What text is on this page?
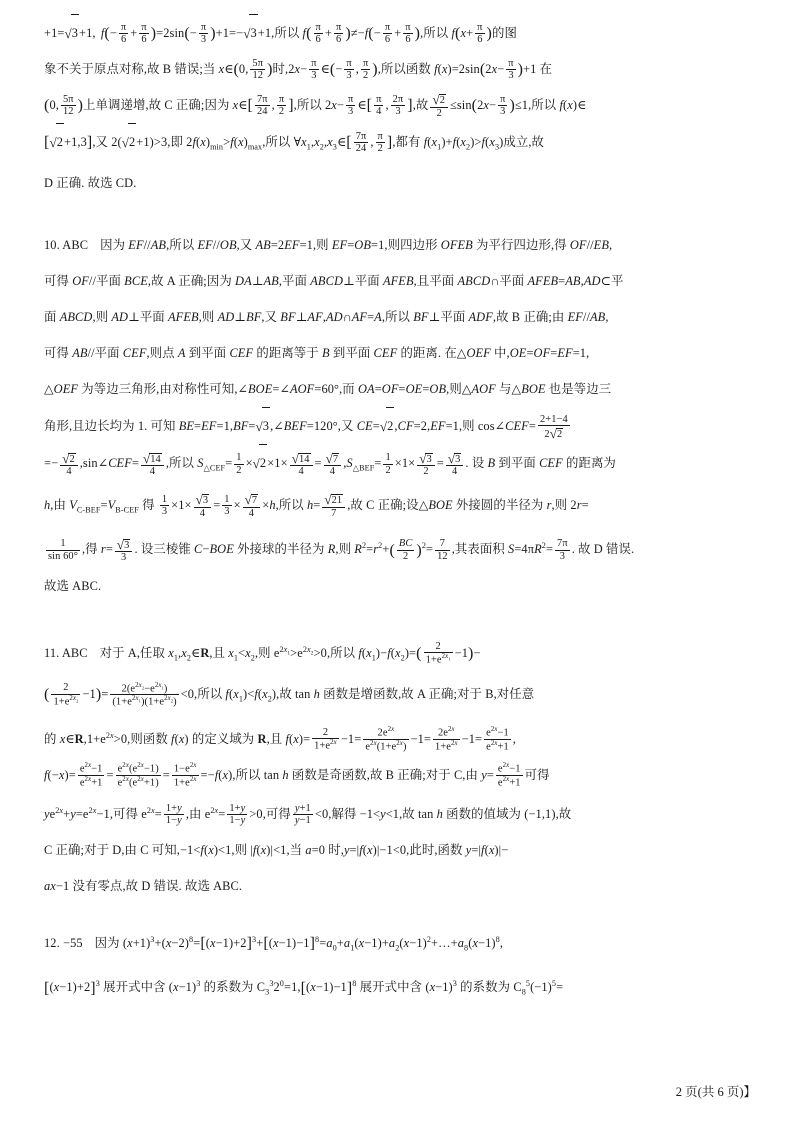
+1=√3+1, $f(- \frac{\pi}{6} + \frac{\pi}{6} )=2\sin(- \frac{\pi}{3} )+1=-√3+1$,所以 $f( \frac{\pi}{6} + \frac{\pi}{6} )\ne-f(- \frac{\pi}{6} + \frac{\pi}{6}$ ),所以 $f(x+ \frac{\pi}{6}$ )的图
象不关于原点对称,故 B 错误;当 x∈(0, $\frac{5\pi}{12}$ )时$,2x- \frac{\pi}{3}$ ∈(− $\frac{\pi}{3}$ , $\frac{\pi}{2}$ ),所以函数 $f(x)=2\sin(2x- \frac{\pi}{3} )+1$ 在
(0, $\frac{5\pi}{12}$ )上单调递增,故 C 正确;因为 x∈[ $\frac{7\pi}{24}$ , $\frac{\pi}{2}$ ],所以 $2x- \frac{\pi}{3}$ ∈[ $\frac{\pi}{4}$ , $\frac{2\pi}{3}$ ],故 $\frac{√2}{2} \le\sin(2x- \frac{\pi}{3} )\le 1$,所以 f(x)∈
[√2+1,3],又 2(√2+1)>3,即 $2f(x)_{min}>f(x)_{max}$,所以 $\forall x_1,x_2,x_3\in[ \frac{7\pi}{24}$ , $\frac{\pi}{2}$ ],都有 $f(x_1)+f(x_2)>f(x_3)$成立,故
D 正确. 故选 CD.
10. ABC 因为 EF//AB,所以 EF//OB,又 AB=2EF=1,则 EF=OB=1,则四边形 OFEB 为平行四边形,得 OF//EB,
可得 OF//平面 BCE,故 A 正确;因为 DA⊥AB,平面 ABCD⊥平面 AFEB,且平面 ABCD∩平面 AFEB=AB,AD⊂平
面 ABCD,则 AD⊥平面 AFEB,则 AD⊥BF,又 BF⊥AF,AD∩AF=A,所以 BF⊥平面 ADF,故 B 正确;由 EF//AB,
可得 AB//平面 CEF,则点 A 到平面 CEF 的距离等于 B 到平面 CEF 的距离. 在△OEF 中,OE=OF=EF=1,
△OEF 为等边三角形,由对称性可知,∠BOE=∠AOF=60°,而 OA=OF=OE=OB,则△AOF 与△BOE 也是等边三
角形,且边长均为 1. 可知 BE=EF=1,BF=√3,∠BEF=120°,又 CE=√2,CF=2,EF=1,则 cos∠CEF= $\frac{2+1-4}{2√2}$
=− $\frac{√2}{4}$ ,sin∠CEF= $\frac{√14}{4}$ ,所以 $S_{\triangle CEF}= \frac{1}{2} \times√2\times 1\times \frac{√14}{4} = \frac{√7}{4} ,S_{\triangle BEF}= \frac{1}{2} \times 1\times \frac{√3}{2} = \frac{√3}{4}$ . 设 B 到平面 CEF 的距离为
h,由 $V_{C-BEF}=V_{B-CEF}$ 得 $\frac{1}{3} \times 1\times \frac{√3}{4} = \frac{1}{3} \times \frac{√7}{4} \times h$,所以 $h= \frac{√21}{7}$ ,故 C 正确;设△BOE 外接圆的半径为 r,则 2r=
$\frac{1}{\sin 60^\circ}$ ,得 $r= \frac{√3}{3}$ . 设三棱锥 C−BOE 外接球的半径为 R,则 $R^2=r^2+( \frac{BC}{2} )^2= \frac{7}{12}$ ,其表面积 $S=4\pi R^2= \frac{7\pi}{3}$ . 故 D 错误.
故选 ABC.
11. ABC 对于 A,任取 $x_1,x_2\in R$,且 $x_1<x_2$,则 $e^{2x_1}>e^{2x_2}>0$,所以 $f(x_1)-f(x_2)=( \frac{2}{1+e^{2x_1}} -1)-$
( $\frac{2}{1+e^{2x_2}} -1)= \frac{2(e^{2x_2}-e^{2x_1})}{(1+e^{2x_1})(1+e^{2x_2})} <0$,所以 $f(x_1)<f(x_2)$,故 tan h 函数是增函数,故 A 正确;对于 B,对任意
的 $x\in R,1+e^{2x}>0$,则函数 f(x) 的定义域为 R,且 $f(x)= \frac{2}{1+e^{2x}} -1= \frac{2e^{2x}}{e^{2x}(1+e^{2x})} -1= \frac{2e^{2x}}{1+e^{2x}} -1= \frac{e^{2x}-1}{e^{2x}+1}$ ,
$f(-x)= \frac{e^{2x}-1}{e^{2x}+1} = \frac{e^{2x}(e^{2x}-1)}{e^{2x}(e^{2x}+1)} = \frac{1-e^{2x}}{1+e^{2x}} =-f(x)$,所以 tan h 函数是奇函数,故 B 正确;对于 C,由 $y= \frac{e^{2x}-1}{e^{2x}+1}$ 可得
$ye^{2x}+y=e^{2x}-1$,可得 $e^{2x}= \frac{1+y}{1-y}$ ,由 $e^{2x}= \frac{1+y}{1-y} >0$,可得 $\frac{y+1}{y-1} <0$,解得 −1<y<1,故 tan h 函数的值域为 (−1,1),故
C 正确;对于 D,由 C 可知,−1<f(x)<1,则 |f(x)|<1,当 a=0 时,y=|f(x)|−1<0,此时,函数 y=|f(x)|−
ax−1 没有零点,故 D 错误. 故选 ABC.
12. −55 因为 $(x+1)^3+(x-2)^8=[(x-1)+2]^3+[(x-1)-1]^8=a_0+a_1(x-1)+a_2(x-1)^2+\dots+a_8(x-1)^8$,
$[(x-1)+2]^3$ 展开式中含 $(x-1)^3$ 的系数为 $C_3^32^0=1,[(x-1)-1]^8$ 展开式中含 $(x-1)^3$ 的系数为 $C_8^5(-1)^5=$
2 页(共 6 页)】
